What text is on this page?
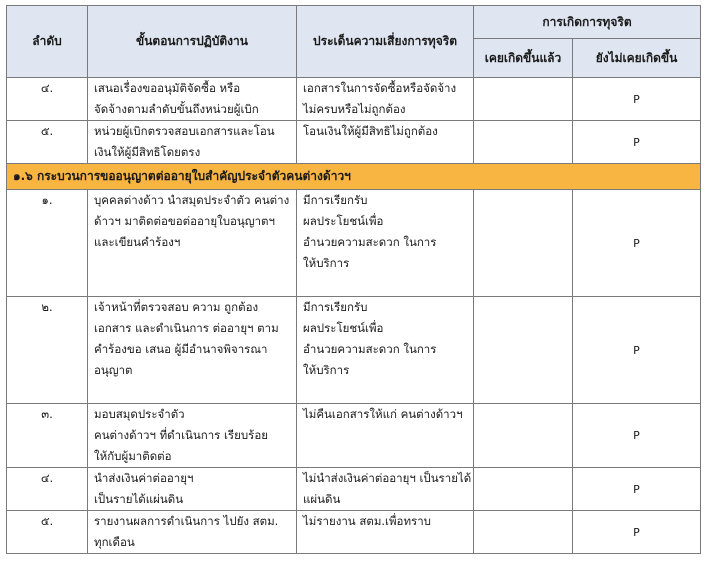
ลำดับ	ขั้นตอนการปฏิบัติงาน	ประเด็นความเสี่ยงการทุจริต	การเกิดการทุจริต	
			เคยเกิดขึ้นแล้ว	ยังไม่เคยเกิดขึ้น
๔.	เสนอเรื่องขออนุมัติจัดซื้อ หรือ
จัดจ้างตามลำดับขั้นถึงหน่วยผู้เบิก	เอกสารในการจัดซื้อหรือจัดจ้าง
ไม่ครบหรือไม่ถูกต้อง		P
๕.	หน่วยผู้เบิกตรวจสอบเอกสารและโอน
เงินให้ผู้มีสิทธิโดยตรง	โอนเงินให้ผู้มีสิทธิไม่ถูกต้อง		P
๑.๖ กระบวนการขออนุญาตต่ออายุใบสำคัญประจำตัวคนต่างด้าวฯ				
๑.	บุคคลต่างด้าว นำสมุดประจำตัว คนต่าง
ด้าวฯ มาติดต่อขอต่ออายุใบอนุญาตฯ
และเขียนคำร้องฯ	มีการเรียกรับ
ผลประโยชน์เพื่อ
อำนวยความสะดวก ในการ
ให้บริการ		P
๒.	เจ้าหน้าที่ตรวจสอบ ความ ถูกต้อง
เอกสาร และดำเนินการ ต่ออายุฯ ตาม
คำร้องขอ เสนอ ผู้มีอำนาจพิจารณา
อนุญาต	มีการเรียกรับ
ผลประโยชน์เพื่อ
อำนวยความสะดวก ในการ
ให้บริการ		P
๓.	มอบสมุดประจำตัว
คนต่างด้าวฯ ที่ดำเนินการ เรียบร้อย
ให้กับผู้มาติดต่อ	ไม่คืนเอกสารให้แก่ คนต่างด้าวฯ		P
๔.	นำส่งเงินค่าต่ออายุฯ
เป็นรายได้แผ่นดิน	ไม่นำส่งเงินค่าต่ออายุฯ เป็นรายได้
แผ่นดิน		P
๕.	รายงานผลการดำเนินการ ไปยัง สตม.
ทุกเดือน	ไม่รายงาน สตม.เพื่อทราบ		P
